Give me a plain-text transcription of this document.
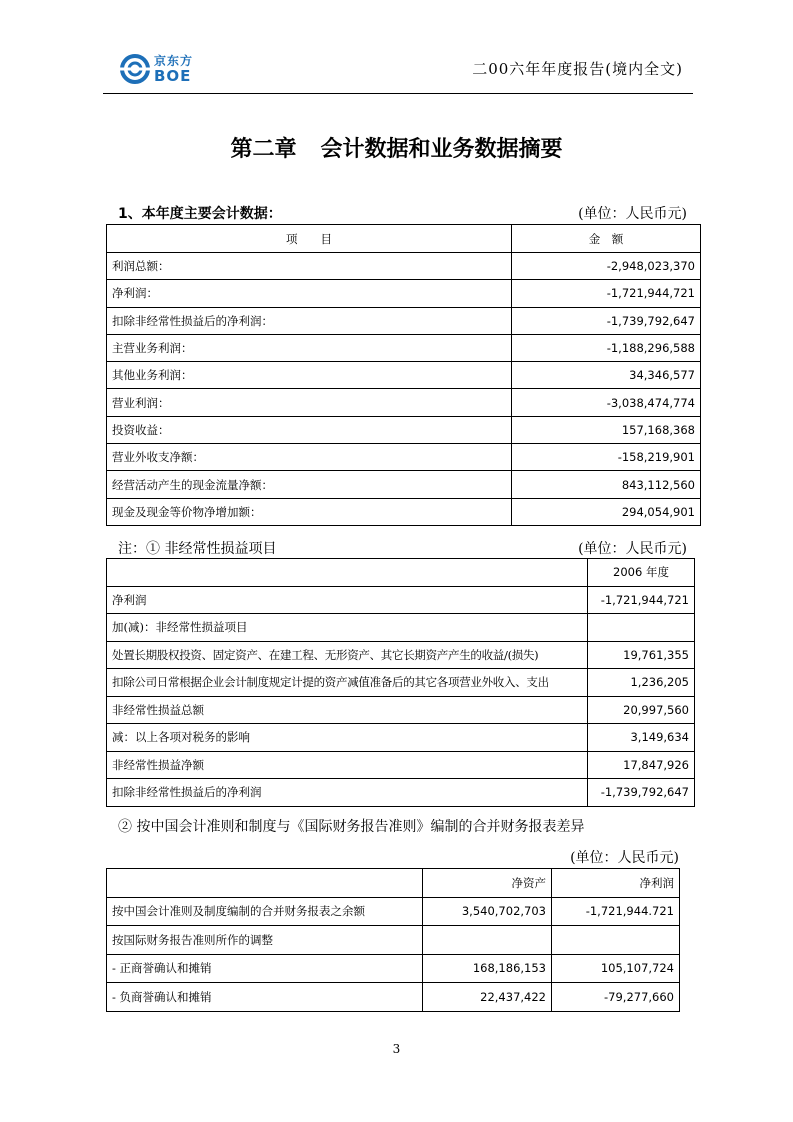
京东方
BOE	二00六年年度报告(境内全文)
第二章 会计数据和业务数据摘要
1、本年度主要会计数据：	(单位：人民币元)
项　　目	金　额
利润总额：	-2,948,023,370
净利润：	-1,721,944,721
扣除非经常性损益后的净利润：	-1,739,792,647
主营业务利润：	-1,188,296,588
其他业务利润：	34,346,577
营业利润：	-3,038,474,774
投资收益：	157,168,368
营业外收支净额：	-158,219,901
经营活动产生的现金流量净额：	843,112,560
现金及现金等价物净增加额：	294,054,901
注：① 非经常性损益项目	(单位：人民币元)
	2006 年度
净利润	-1,721,944,721
加(减)：非经常性损益项目	
处置长期股权投资、固定资产、在建工程、无形资产、其它长期资产产生的收益/(损失)	19,761,355
扣除公司日常根据企业会计制度规定计提的资产减值准备后的其它各项营业外收入、支出	1,236,205
非经常性损益总额	20,997,560
减：以上各项对税务的影响	3,149,634
非经常性损益净额	17,847,926
扣除非经常性损益后的净利润	-1,739,792,647
② 按中国会计准则和制度与《国际财务报告准则》编制的合并财务报表差异
(单位：人民币元)
	净资产	净利润
按中国会计准则及制度编制的合并财务报表之余额	3,540,702,703	-1,721,944.721
按国际财务报告准则所作的调整		
- 正商誉确认和摊销	168,186,153	105,107,724
- 负商誉确认和摊销	22,437,422	-79,277,660
3
